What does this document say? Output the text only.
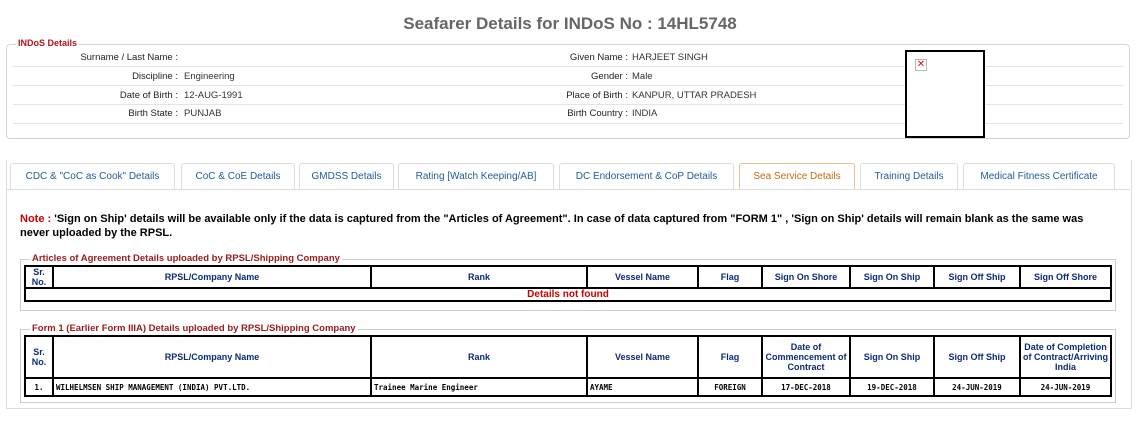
Seafarer Details for INDoS No : 14HL5748
INDoS Details
Surname / Last Name :	Given Name : HARJEET SINGH
Discipline : Engineering	Gender : Male
Date of Birth : 12-AUG-1991	Place of Birth : KANPUR, UTTAR PRADESH
Birth State : PUNJAB	Birth Country : INDIA
✕
CDC & "CoC as Cook" Details	CoC & CoE Details	GMDSS Details	Rating [Watch Keeping/AB]	DC Endorsement & CoP Details	Sea Service Details	Training Details	Medical Fitness Certificate
Note : 'Sign on Ship' details will be available only if the data is captured from the "Articles of Agreement". In case of data captured from "FORM 1" , 'Sign on Ship' details will remain blank as the same was never uploaded by the RPSL.
Articles of Agreement Details uploaded by RPSL/Shipping Company
Sr. No.	RPSL/Company Name	Rank	Vessel Name	Flag	Sign On Shore	Sign On Ship	Sign Off Ship	Sign Off Shore
Details not found
Form 1 (Earlier Form IIIA) Details uploaded by RPSL/Shipping Company
Sr. No.	RPSL/Company Name	Rank	Vessel Name	Flag	Date of Commencement of Contract	Sign On Ship	Sign Off Ship	Date of Completion of Contract/Arriving India
1.	WILHELMSEN SHIP MANAGEMENT (INDIA) PVT.LTD.	Trainee Marine Engineer	AYAME	FOREIGN	17-DEC-2018	19-DEC-2018	24-JUN-2019	24-JUN-2019
